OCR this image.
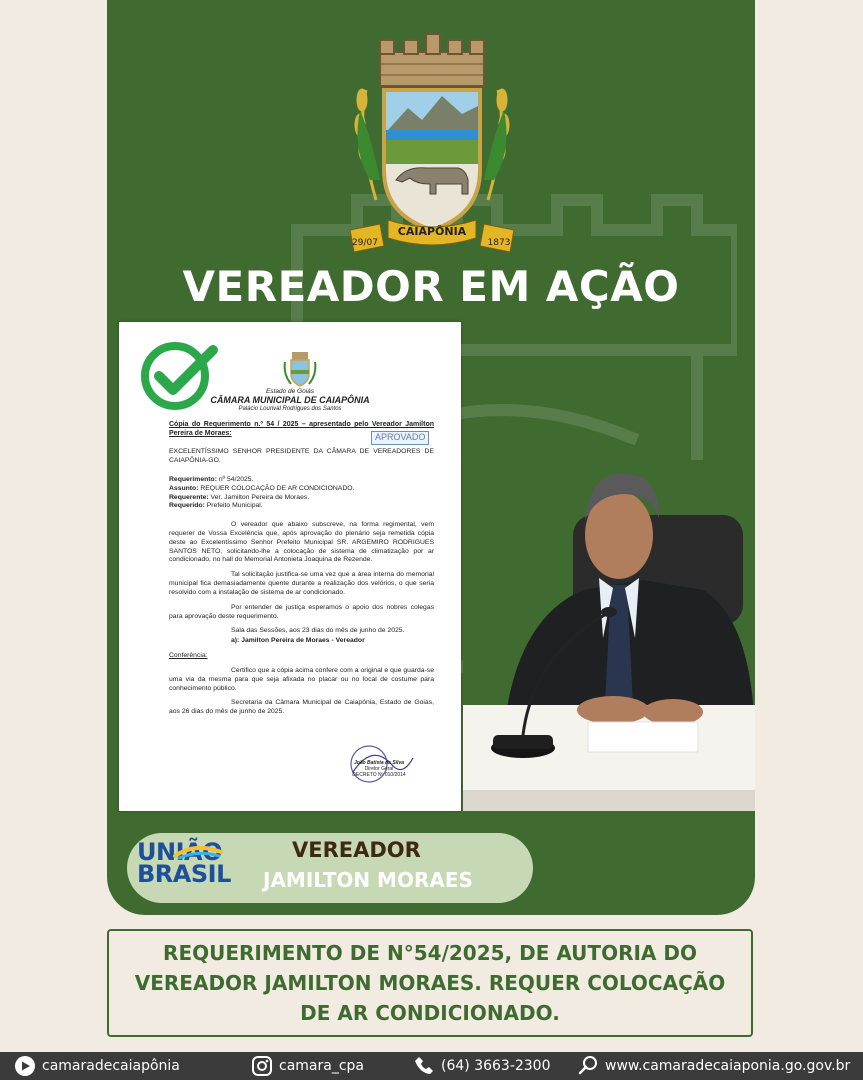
29/07
CAIAPÔNIA
1873
VEREADOR EM AÇÃO
Estado de Goiás
CÂMARA MUNICIPAL DE CAIAPÔNIA
Palácio Lourival Rodrigues dos Santos
APROVADO

Cópia do Requerimento n.º 54 / 2025 – apresentado pelo Vereador Jamilton Pereira de Moraes:

EXCELENTÍSSIMO SENHOR PRESIDENTE DA CÂMARA DE VEREADORES DE CAIAPÔNIA-GO.

Requerimento: nº 54/2025.
Assunto: REQUER COLOCAÇÃO DE AR CONDICIONADO.
Requerente: Ver. Jamilton Pereira de Moraes.
Requerido: Prefeito Municipal.

O vereador que abaixo subscreve, na forma regimental, vem requerer de Vossa Excelência que, após aprovação do plenário seja remetida cópia deste ao Excelentíssimo Senhor Prefeito Municipal SR. ARGEMIRO RODRIGUES SANTOS NETO, solicitando-lhe a colocação de sistema de climatização por ar condicionado, no hall do Memorial Antonieta Joaquina de Rezende.

Tal solicitação justifica-se uma vez que a área interna do memorial municipal fica demasiadamente quente durante a realização dos velórios, o que seria resolvido com a instalação de sistema de ar condicionado.

Por entender de justiça esperamos o apoio dos nobres colegas para aprovação deste requerimento.

Sala das Sessões, aos 23 dias do mês de junho de 2025.

a): Jamilton Pereira de Moraes - Vereador

Conferência:

Certifico que a cópia acima confere com a original e que guarda-se uma via da mesma para que seja afixada no placar ou no local de costume para conhecimento público.

Secretaria da Câmara Municipal de Caiapônia, Estado de Goiás, aos 26 dias do mês de junho de 2025.

João Batista da Silva
Diretor Geral
DECRETO Nº 010/2014
UNIÃO
BRASIL
VEREADOR
JAMILTON MORAES
REQUERIMENTO DE N°54/2025, DE AUTORIA DO VEREADOR JAMILTON MORAES. REQUER COLOCAÇÃO DE AR CONDICIONADO.
camaradecaiapônia	camara_cpa	(64) 3663-2300	www.camaradecaiaponia.go.gov.br
